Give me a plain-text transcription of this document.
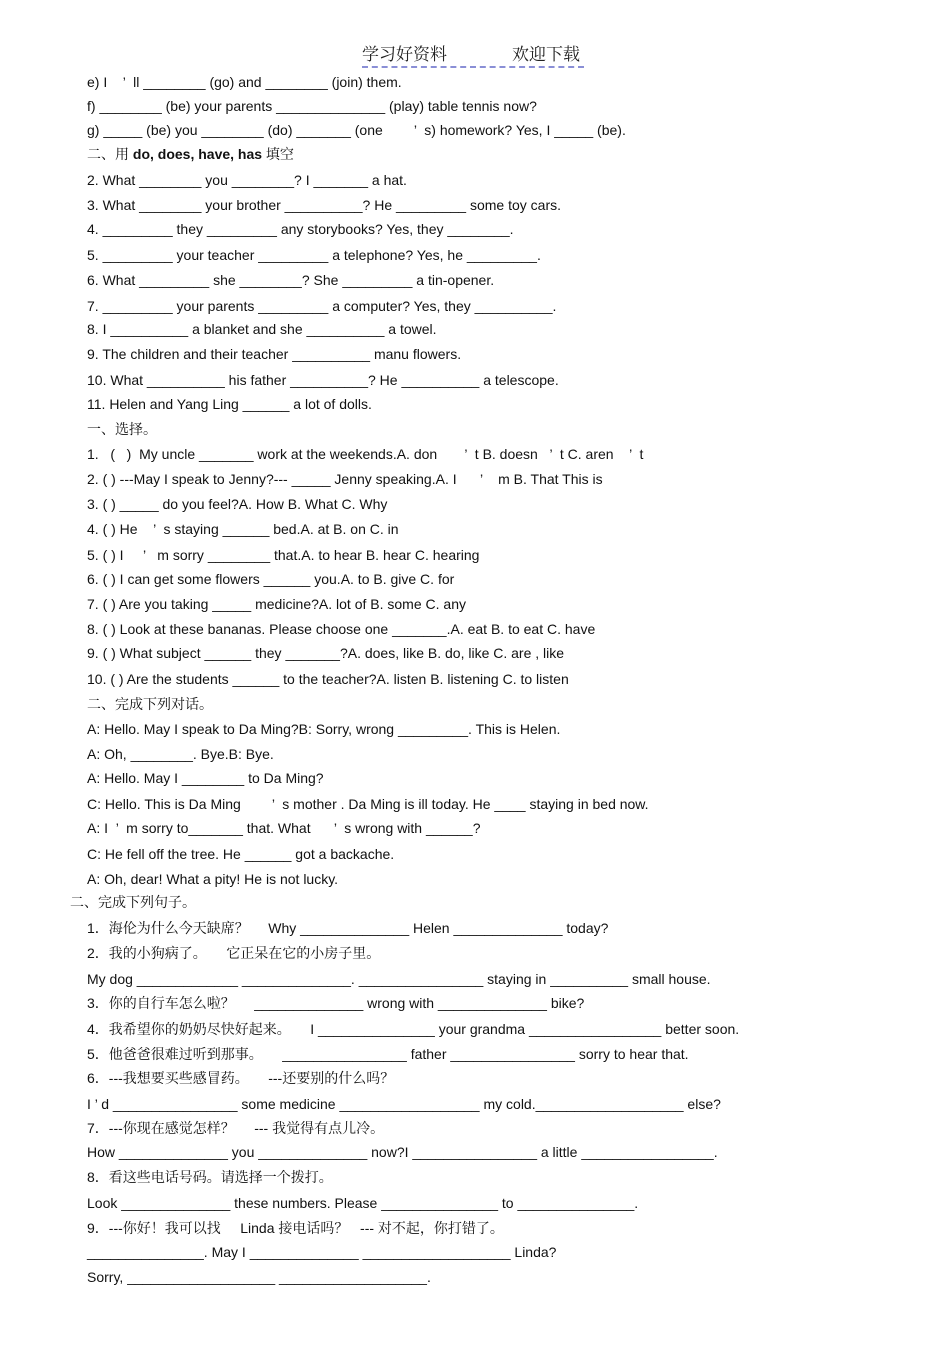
学习好资料	欢迎下载
e) I    ’  ll ________ (go) and ________ (join) them.
f) ________ (be) your parents ______________ (play) table tennis now?
g) _____ (be) you ________ (do) _______ (one        ’  s) homework? Yes, I _____ (be).
二、用 do, does, have, has 填空
2. What ________ you ________? I _______ a hat.
3. What ________ your brother __________? He _________ some toy cars.
4. _________ they _________ any storybooks? Yes, they ________.
5. _________ your teacher _________ a telephone? Yes, he _________.
6. What _________ she ________? She _________ a tin-opener.
7. _________ your parents _________ a computer? Yes, they __________.
8. I __________ a blanket and she __________ a towel.
9. The children and their teacher __________ manu flowers.
10. What __________ his father __________? He __________ a telescope.
11. Helen and Yang Ling ______ a lot of dolls.
一、选择。
1.   (   )  My uncle _______ work at the weekends.A. don       ’  t B. doesn   ’  t C. aren    ’  t
2. ( ) ---May I speak to Jenny?--- _____ Jenny speaking.A. I      ’    m B. That This is
3. ( ) _____ do you feel?A. How B. What C. Why
4. ( ) He    ’  s staying ______ bed.A. at B. on C. in
5. ( ) I     ’   m sorry ________ that.A. to hear B. hear C. hearing
6. ( ) I can get some flowers ______ you.A. to B. give C. for
7. ( ) Are you taking _____ medicine?A. lot of B. some C. any
8. ( ) Look at these bananas. Please choose one _______.A. eat B. to eat C. have
9. ( ) What subject ______ they _______?A. does, like B. do, like C. are , like
10. ( ) Are the students ______ to the teacher?A. listen B. listening C. to listen
二、完成下列对话。
A: Hello. May I speak to Da Ming?B: Sorry, wrong _________. This is Helen.
A: Oh, ________. Bye.B: Bye.
A: Hello. May I ________ to Da Ming?
C: Hello. This is Da Ming        ’  s mother . Da Ming is ill today. He ____ staying in bed now.
A: I  ’  m sorry to_______ that. What      ’  s wrong with ______?
C: He fell off the tree. He ______ got a backache.
A: Oh, dear! What a pity! He is not lucky.
二、完成下列句子。
1．海伦为什么今天缺席？     Why ______________ Helen ______________ today?
2．我的小狗病了。     它正呆在它的小房子里。
My dog _____________ ______________. ________________ staying in __________ small house.
3．你的自行车怎么啦？     ______________ wrong with ______________ bike?
4．我希望你的奶奶尽快好起来。     I _______________ your grandma _________________ better soon.
5．他爸爸很难过听到那事。     ________________ father ________________ sorry to hear that.
6．---我想要买些感冒药。     ---还要别的什么吗？
I ’ d ________________ some medicine __________________ my cold.___________________ else?
7．---你现在感觉怎样？     --- 我觉得有点儿冷。
How ______________ you ______________ now?I ________________ a little _________________.
8．看这些电话号码。请选择一个拨打。
Look ______________ these numbers. Please _______________ to _______________.
9．---你好！我可以找     Linda 接电话吗？   --- 对不起，你打错了。
_______________. May I ______________ ___________________ Linda?
Sorry, ___________________ ___________________.
